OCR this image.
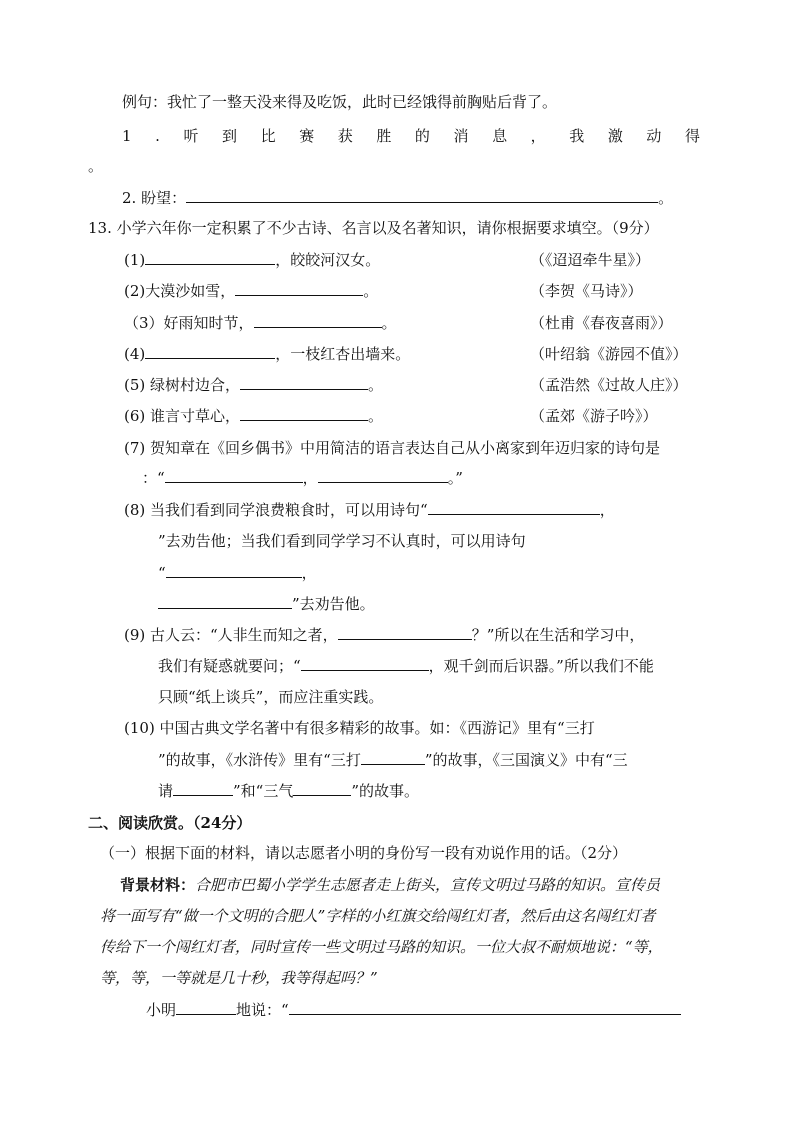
例句：我忙了一整天没来得及吃饭，此时已经饿得前胸贴后背了。
1 . 听 到 比 赛 获 胜 的 消 息 ， 我 激 动 得
。
2. 盼望：	。
13. 小学六年你一定积累了不少古诗、名言以及名著知识，请你根据要求填空。（9分）
(1)	，皎皎河汉女。	（《迢迢牵牛星》）
(2)大漠沙如雪，	。	（李贺《马诗》）
（3）好雨知时节，	。	（杜甫《春夜喜雨》）
(4)	，一枝红杏出墙来。	（叶绍翁《游园不值》）
(5) 绿树村边合，	。	（孟浩然《过故人庄》）
(6) 谁言寸草心，	。	（孟郊《游子吟》）
(7) 贺知章在《回乡偶书》中用简洁的语言表达自己从小离家到年迈归家的诗句是
：“	，	。”
(8) 当我们看到同学浪费粮食时，可以用诗句“	，
”去劝告他；当我们看到同学学习不认真时，可以用诗句
“	，
”去劝告他。
(9) 古人云：“人非生而知之者，	？”所以在生活和学习中，
我们有疑惑就要问；“	，观千剑而后识器。”所以我们不能
只顾“纸上谈兵”，而应注重实践。
(10) 中国古典文学名著中有很多精彩的故事。如：《西游记》里有“三打
”的故事，《水浒传》里有“三打	”的故事，《三国演义》中有“三
请	”和“三气	”的故事。
二、阅读欣赏。（24分）
（一）根据下面的材料，请以志愿者小明的身份写一段有劝说作用的话。（2分）
背景材料：合肥市巴蜀小学学生志愿者走上街头，宣传文明过马路的知识。宣传员
将一面写有“做一个文明的合肥人”字样的小红旗交给闯红灯者，然后由这名闯红灯者
传给下一个闯红灯者，同时宣传一些文明过马路的知识。一位大叔不耐烦地说：“等，
等，等，一等就是几十秒，我等得起吗？”
小明	地说：“
